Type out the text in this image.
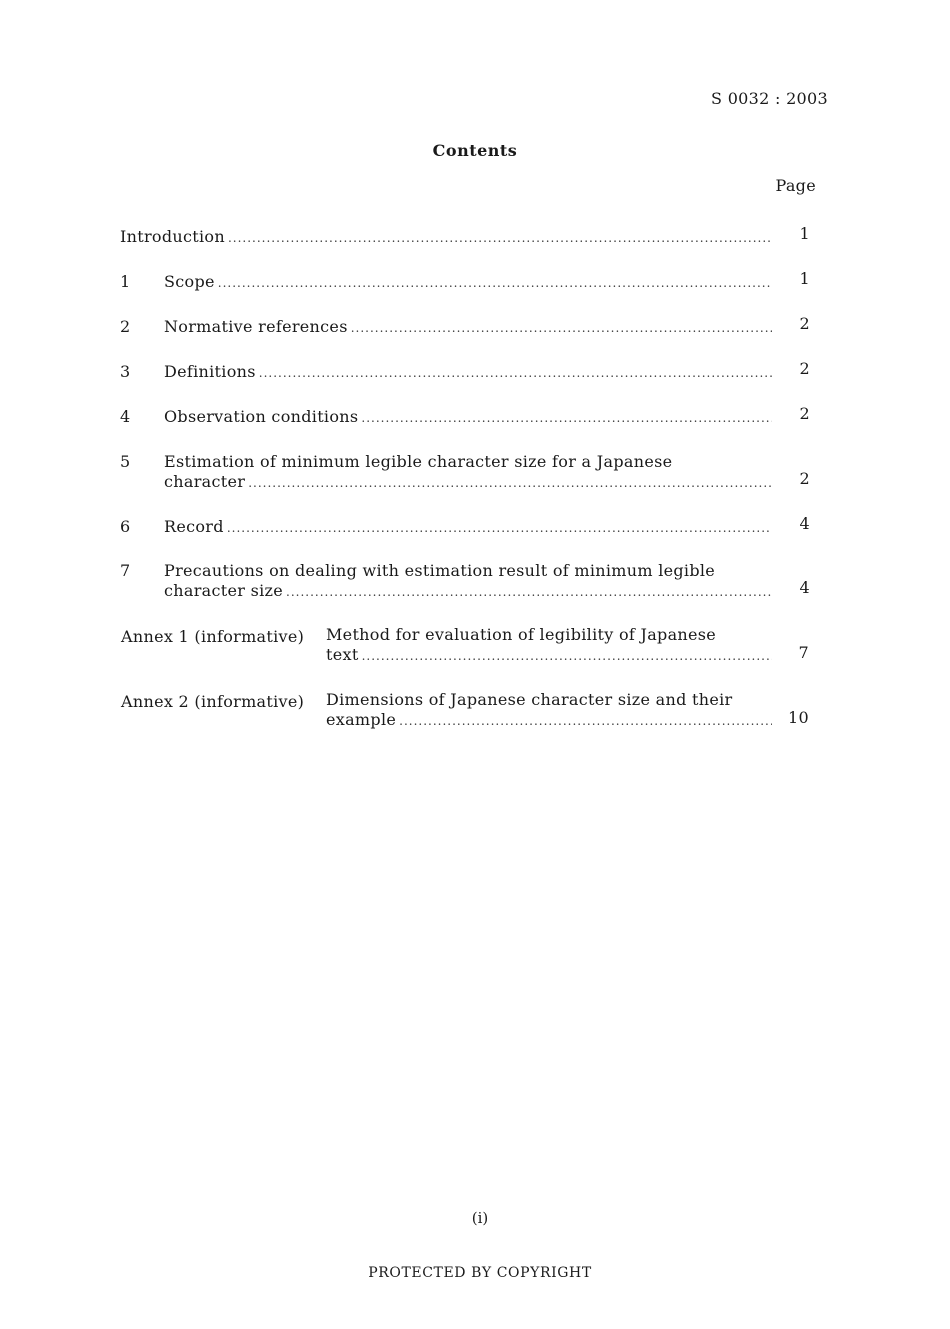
S 0032 : 2003
Contents
Page
Introduction .....	1
1 Scope .....	1
2 Normative references .....	2
3 Definitions .....	2
4 Observation conditions .....	2
5 Estimation of minimum legible character size for a Japanese
character .....	2
6 Record .....	4
7 Precautions on dealing with estimation result of minimum legible
character size .....	4
Annex 1 (informative) Method for evaluation of legibility of Japanese
text .....	7
Annex 2 (informative) Dimensions of Japanese character size and their
example .....	10
(i)
PROTECTED BY COPYRIGHT
